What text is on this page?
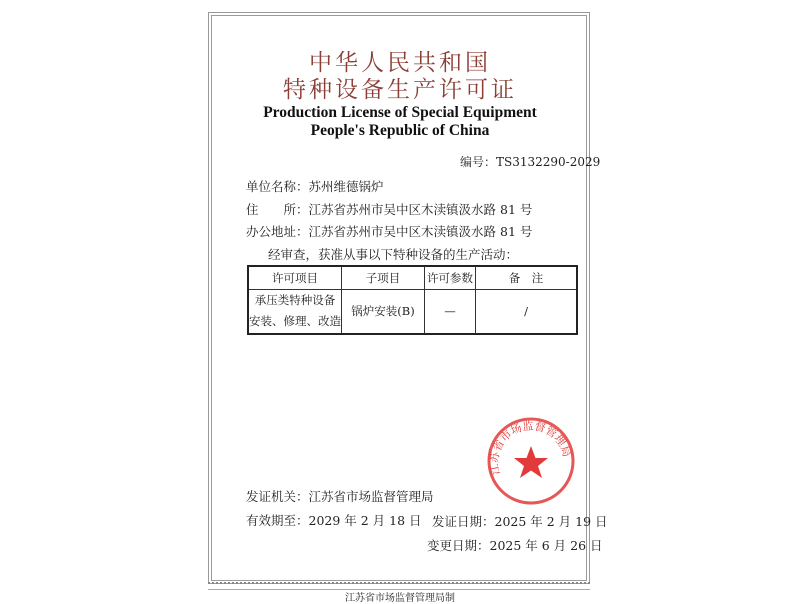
中华人民共和国
特种设备生产许可证
Production License of Special Equipment
People's Republic of China
编号：TS3132290-2029
单位名称：苏州维德锅炉
住　　所：江苏省苏州市吴中区木渎镇汲水路 81 号
办公地址：江苏省苏州市吴中区木渎镇汲水路 81 号
经审查，获准从事以下特种设备的生产活动：
许可项目	子项目	许可参数	备　注
承压类特种设备
安装、修理、改造	锅炉安装(B)	—	/
发证机关：江苏省市场监督管理局
有效期至：2029 年 2 月 18 日 发证日期：2025 年 2 月 19 日
变更日期：2025 年 6 月 26 日
江苏省市场监督管理局
江苏省市场监督管理局制
